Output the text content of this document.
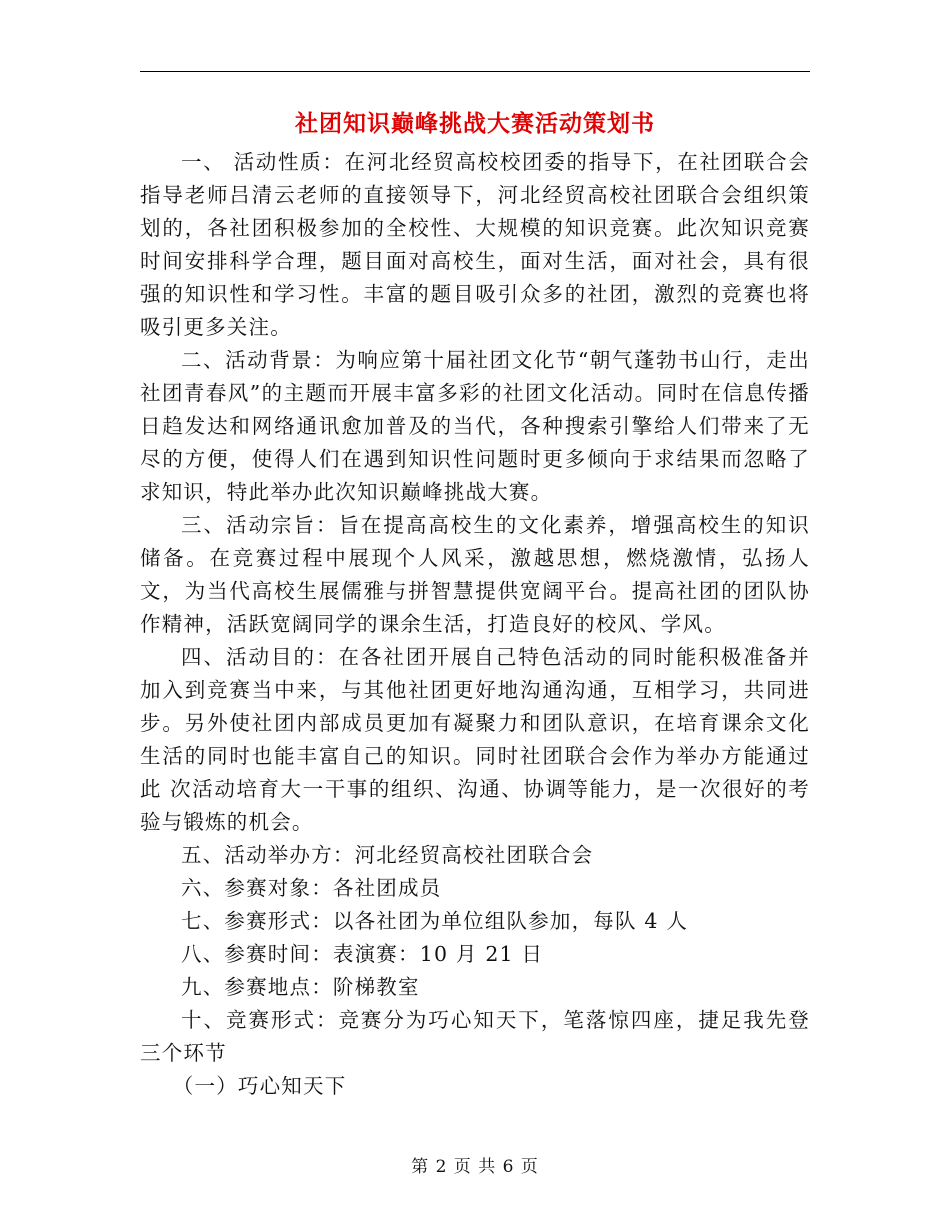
社团知识巅峰挑战大赛活动策划书

一、 活动性质：在河北经贸高校校团委的指导下，在社团联合会指导老师吕清云老师的直接领导下，河北经贸高校社团联合会组织策划的，各社团积极参加的全校性、大规模的知识竞赛。此次知识竞赛时间安排科学合理，题目面对高校生，面对生活，面对社会，具有很强的知识性和学习性。丰富的题目吸引众多的社团，激烈的竞赛也将吸引更多关注。

二、活动背景：为响应第十届社团文化节“朝气蓬勃书山行，走出社团青春风”的主题而开展丰富多彩的社团文化活动。同时在信息传播日趋发达和网络通讯愈加普及的当代，各种搜索引擎给人们带来了无尽的方便，使得人们在遇到知识性问题时更多倾向于求结果而忽略了求知识，特此举办此次知识巅峰挑战大赛。

三、活动宗旨：旨在提高高校生的文化素养，增强高校生的知识储备。在竞赛过程中展现个人风采，激越思想，燃烧激情，弘扬人文，为当代高校生展儒雅与拼智慧提供宽阔平台。提高社团的团队协作精神，活跃宽阔同学的课余生活，打造良好的校风、学风。

四、活动目的：在各社团开展自己特色活动的同时能积极准备并加入到竞赛当中来，与其他社团更好地沟通沟通，互相学习，共同进步。另外使社团内部成员更加有凝聚力和团队意识，在培育课余文化生活的同时也能丰富自己的知识。同时社团联合会作为举办方能通过此 次活动培育大一干事的组织、沟通、协调等能力，是一次很好的考验与锻炼的机会。

五、活动举办方：河北经贸高校社团联合会

六、参赛对象：各社团成员

七、参赛形式：以各社团为单位组队参加，每队 4 人

八、参赛时间：表演赛：10 月 21 日

九、参赛地点：阶梯教室

十、竞赛形式：竞赛分为巧心知天下，笔落惊四座，捷足我先登三个环节

（一）巧心知天下

第 2 页 共 6 页
